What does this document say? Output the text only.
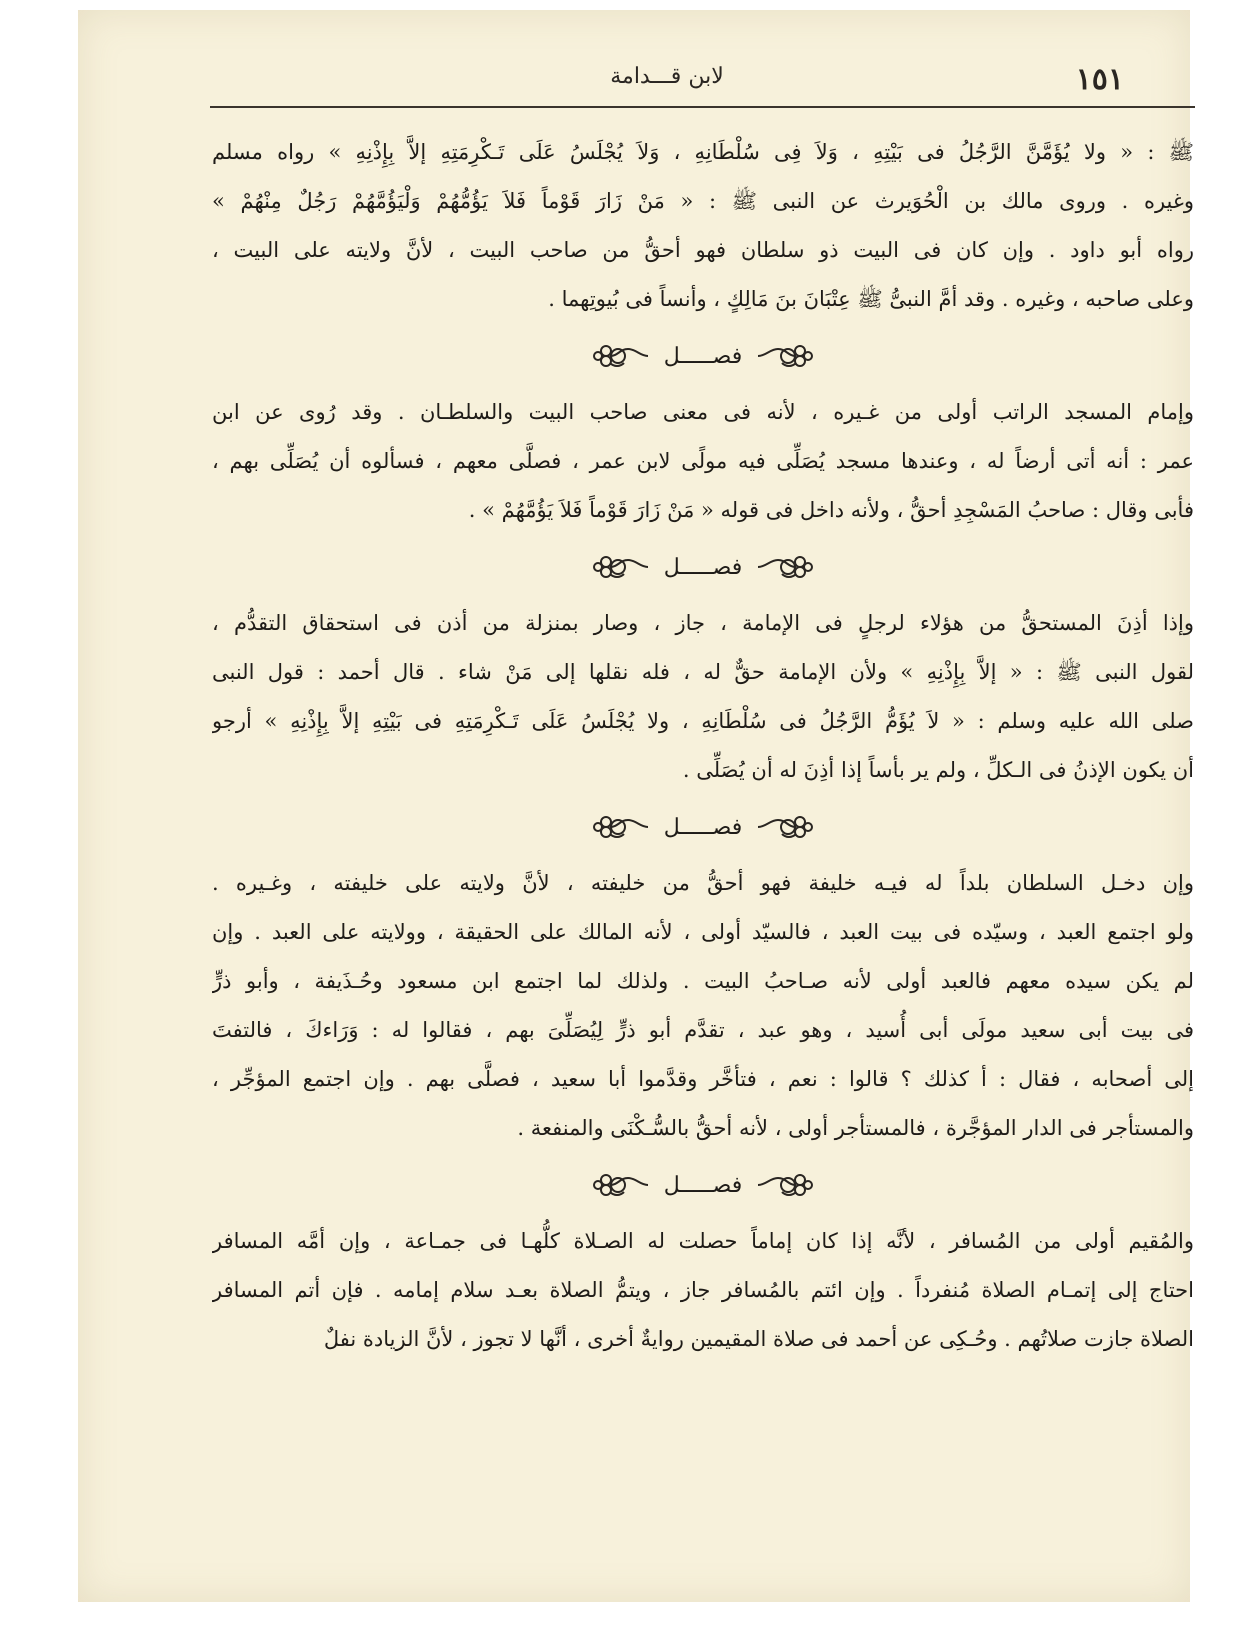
١٥١
لابن قـــدامة
ﷺ : « ولا يُؤَمَّنَّ الرَّجُلُ فى بَيْتِهِ ، وَلاَ فِى سُلْطَانِهِ ، وَلاَ يُجْلَسُ عَلَى تَـكْرِمَتِهِ إلاَّ بِإِذْنِهِ » رواه مسلم
وغيره . وروى مالك بن الْحُوَيرث عن النبى ﷺ : « مَنْ زَارَ قَوْماً فَلاَ يَؤُمُّهُمْ وَلْيَؤُمَّهُمْ رَجُلٌ مِنْهُمْ »
رواه أبو داود . وإن كان فى البيت ذو سلطان فهو أحقُّ من صاحب البيت ، لأنَّ ولايته على البيت ،
وعلى صاحبه ، وغيره . وقد أمَّ النبىُّ ﷺ عِتْبَانَ بنَ مَالِكٍ ، وأنساً فى بُيوتِهما .
فصـــــل
وإمام المسجد الراتب أولى من غـيره ، لأنه فى معنى صاحب البيت والسلطـان . وقد رُوى عن ابن
عمر : أنه أتى أرضاً له ، وعندها مسجد يُصَلِّى فيه مولًى لابن عمر ، فصلَّى معهم ، فسألوه أن يُصَلِّى بهم ،
فأبى وقال : صاحبُ المَسْجِدِ أحقُّ ، ولأنه داخل فى قوله « مَنْ زَارَ قَوْماً فَلاَ يَؤُمَّهُمْ » .
فصـــــل
وإذا أذِنَ المستحقُّ من هؤلاء لرجلٍ فى الإمامة ، جاز ، وصار بمنزلة من أذن فى استحقاق التقدُّم ،
لقول النبى ﷺ : « إلاَّ بِإِذْنِهِ » ولأن الإمامة حقٌّ له ، فله نقلها إلى مَنْ شاء . قال أحمد : قول النبى
صلى الله عليه وسلم : « لاَ يُؤَمُّ الرَّجُلُ فى سُلْطَانِهِ ، ولا يُجْلَسُ عَلَى تَـكْرِمَتِهِ فى بَيْتِهِ إلاَّ بِإِذْنِهِ » أرجو
أن يكون الإذنُ فى الـكلِّ ، ولم ير بأساً إذا أذِنَ له أن يُصَلِّى .
فصـــــل
وإن دخـل السلطان بلداً له فيـه خليفة فهو أحقُّ من خليفته ، لأنَّ ولايته على خليفته ، وغـيره .
ولو اجتمع العبد ، وسيّده فى بيت العبد ، فالسيّد أولى ، لأنه المالك على الحقيقة ، وولايته على العبد . وإن
لم يكن سيده معهم فالعبد أولى لأنه صـاحبُ البيت . ولذلك لما اجتمع ابن مسعود وحُـذَيفة ، وأبو ذرٍّ
فى بيت أبى سعيد مولَى أبى أُسيد ، وهو عبد ، تقدَّم أبو ذرٍّ لِيُصَلِّىَ بهم ، فقالوا له : وَرَاءكَ ، فالتفتَ
إلى أصحابه ، فقال : أ كذلك ؟ قالوا : نعم ، فتأخَّر وقدَّموا أبا سعيد ، فصلَّى بهم . وإن اجتمع المؤجِّر ،
والمستأجر فى الدار المؤجَّرة ، فالمستأجر أولى ، لأنه أحقُّ بالسُّـكْنَى والمنفعة .
فصـــــل
والمُقيم أولى من المُسافر ، لأنَّه إذا كان إماماً حصلت له الصـلاة كلُّهـا فى جمـاعة ، وإن أمَّه المسافر
احتاج إلى إتمـام الصلاة مُنفرداً . وإن ائتم بالمُسافر جاز ، ويتمُّ الصلاة بعـد سلام إمامه . فإن أتم المسافر
الصلاة جازت صلاتُهم . وحُـكِى عن أحمد فى صلاة المقيمين روايةٌ أخرى ، أنَّها لا تجوز ، لأنَّ الزيادة نفلٌ
